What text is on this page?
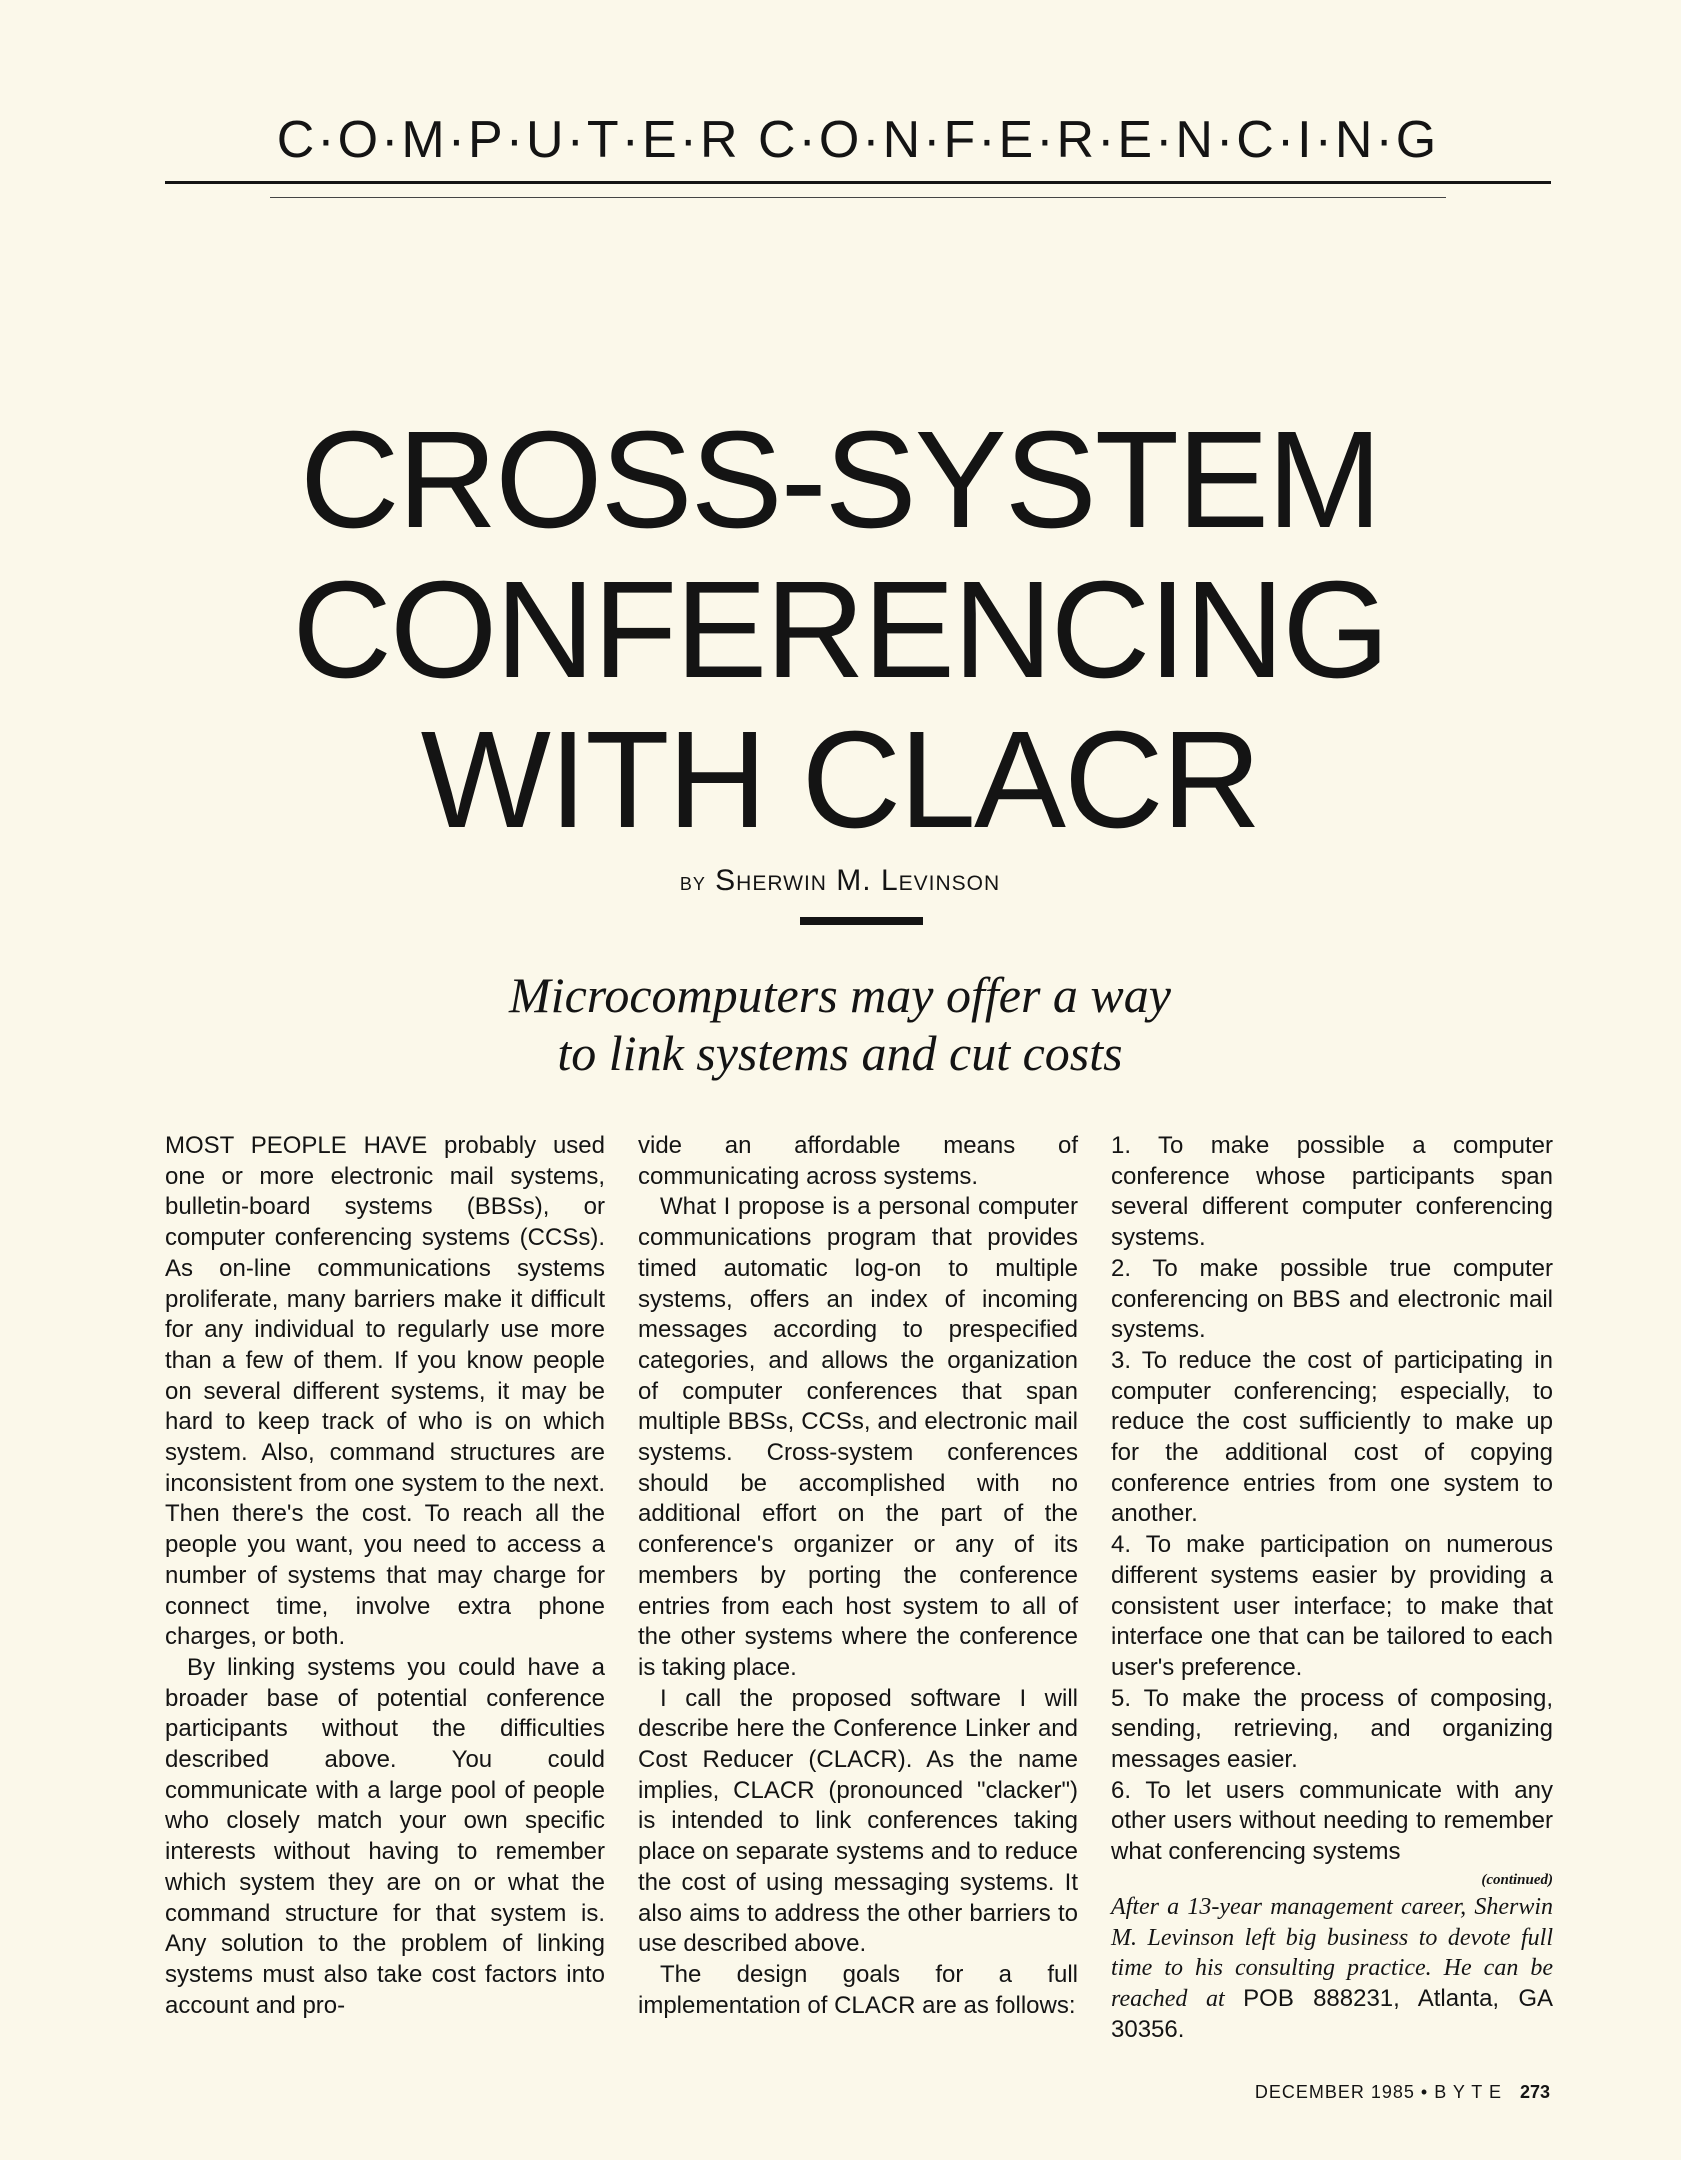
C·O·M·P·U·T·E·R C·O·N·F·E·R·E·N·C·I·N·G
CROSS-SYSTEM
CONFERENCING
WITH CLACR
by Sherwin M. Levinson
Microcomputers may offer a way
to link systems and cut costs

MOST PEOPLE HAVE probably used one or more electronic mail systems, bulletin-board systems (BBSs), or computer conferencing systems (CCSs). As on-line communications systems proliferate, many barriers make it difficult for any individual to regularly use more than a few of them. If you know people on several different systems, it may be hard to keep track of who is on which system. Also, command structures are inconsistent from one system to the next. Then there's the cost. To reach all the people you want, you need to access a number of systems that may charge for connect time, involve extra phone charges, or both.

By linking systems you could have a broader base of potential conference participants without the difficulties described above. You could communicate with a large pool of people who closely match your own specific interests without having to remember which system they are on or what the command structure for that system is. Any solution to the problem of linking systems must also take cost factors into account and pro-

vide an affordable means of communicating across systems.

What I propose is a personal computer communications program that provides timed automatic log-on to multiple systems, offers an index of incoming messages according to prespecified categories, and allows the organization of computer conferences that span multiple BBSs, CCSs, and electronic mail systems. Cross-system conferences should be accomplished with no additional effort on the part of the conference's organizer or any of its members by porting the conference entries from each host system to all of the other systems where the conference is taking place.

I call the proposed software I will describe here the Conference Linker and Cost Reducer (CLACR). As the name implies, CLACR (pronounced "clacker") is intended to link conferences taking place on separate systems and to reduce the cost of using messaging systems. It also aims to address the other barriers to use described above.

The design goals for a full implementation of CLACR are as follows:

1. To make possible a computer conference whose participants span several different computer conferencing systems.

2. To make possible true computer conferencing on BBS and electronic mail systems.

3. To reduce the cost of participating in computer conferencing; especially, to reduce the cost sufficiently to make up for the additional cost of copying conference entries from one system to another.

4. To make participation on numerous different systems easier by providing a consistent user interface; to make that interface one that can be tailored to each user's preference.

5. To make the process of composing, sending, retrieving, and organizing messages easier.

6. To let users communicate with any other users without needing to remember what conferencing systems

(continued)

After a 13-year management career, Sherwin M. Levinson left big business to devote full time to his consulting practice. He can be reached at POB 888231, Atlanta, GA 30356.

DECEMBER 1985 • B Y T E 273
